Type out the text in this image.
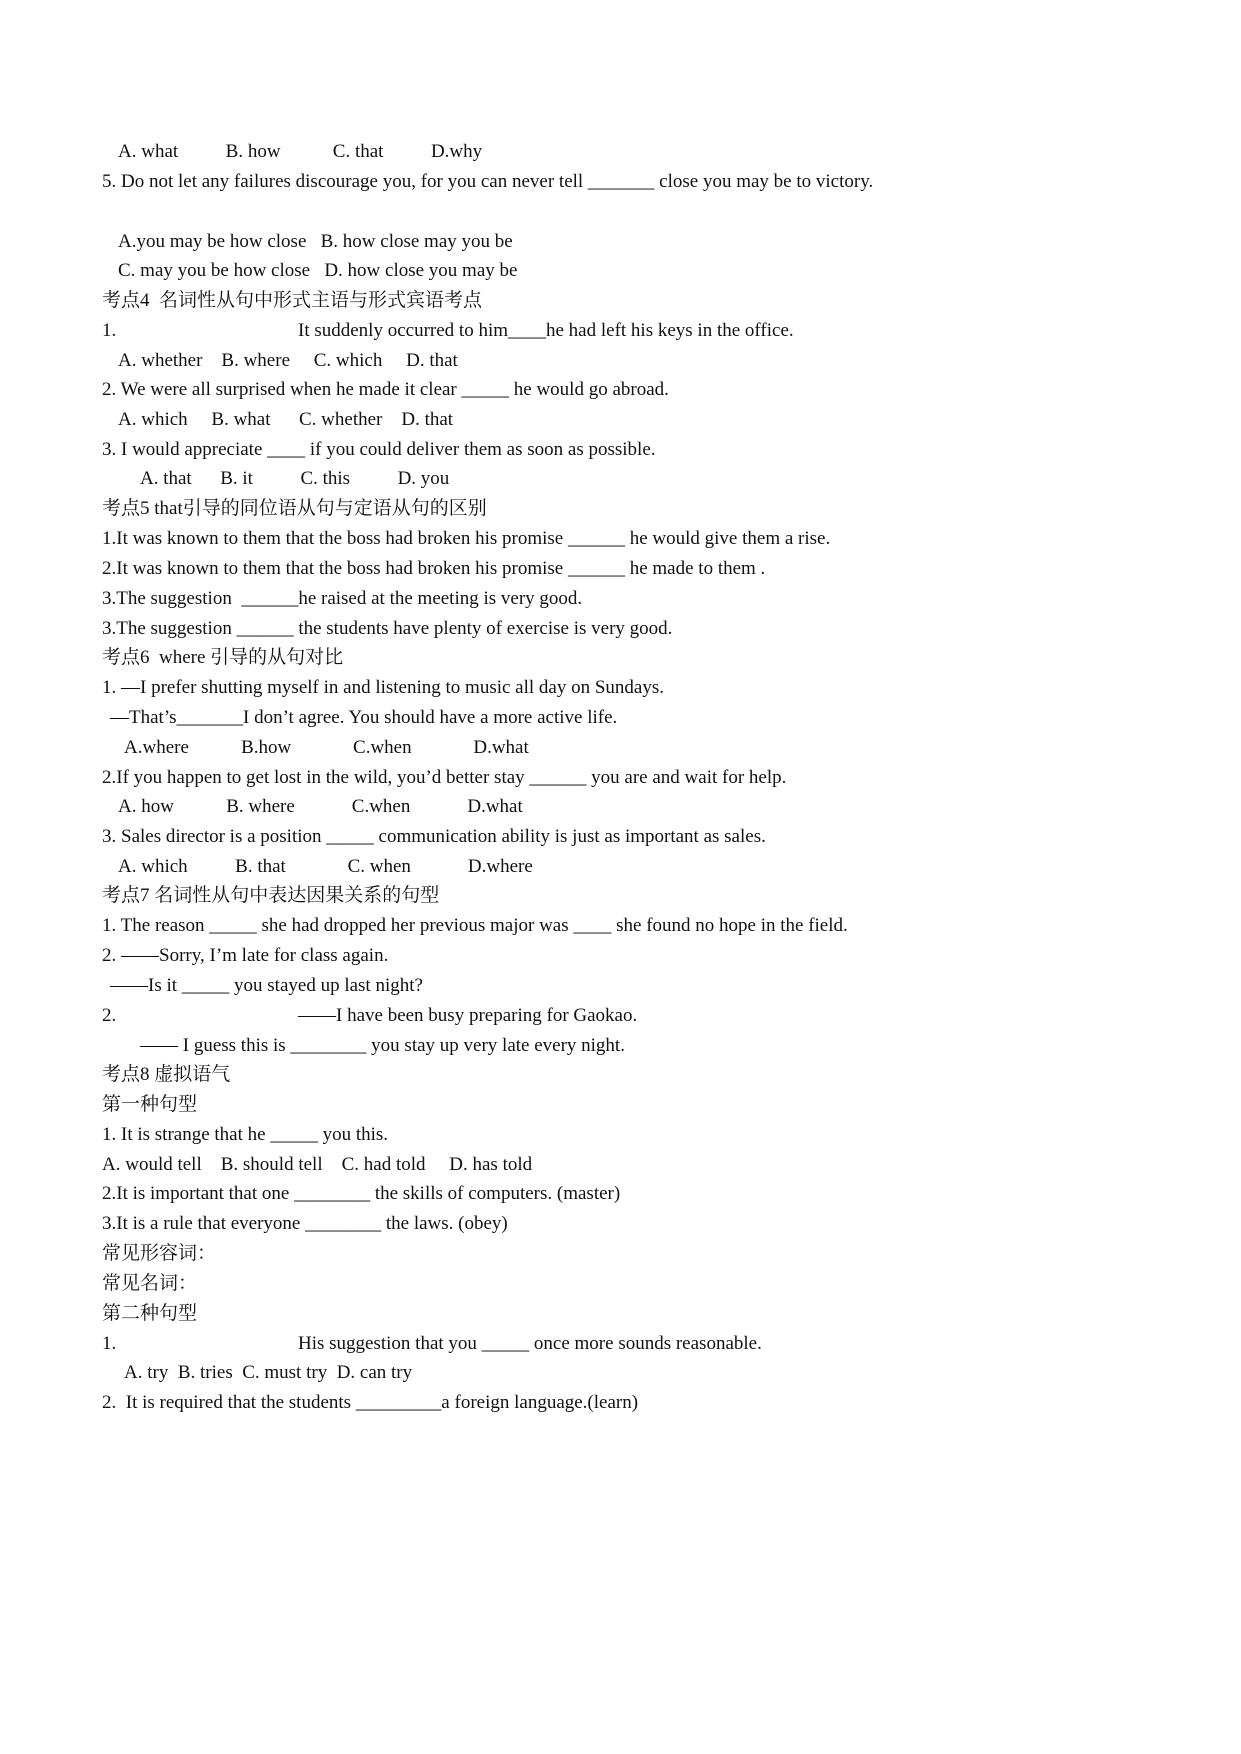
A. what          B. how           C. that          D.why
5. Do not let any failures discourage you, for you can never tell _______ close you may be to victory.
A.you may be how close   B. how close may you be
C. may you be how close   D. how close you may be
考点4  名词性从句中形式主语与形式宾语考点
1.	It suddenly occurred to him____he had left his keys in the office.
A. whether    B. where     C. which     D. that
2. We were all surprised when he made it clear _____ he would go abroad.
A. which     B. what      C. whether    D. that
3. I would appreciate ____ if you could deliver them as soon as possible.
A. that      B. it          C. this          D. you
考点5 that引导的同位语从句与定语从句的区别
1.It was known to them that the boss had broken his promise ______ he would give them a rise.
2.It was known to them that the boss had broken his promise ______ he made to them .
3.The suggestion  ______he raised at the meeting is very good.
3.The suggestion ______ the students have plenty of exercise is very good.
考点6  where 引导的从句对比
1. —I prefer shutting myself in and listening to music all day on Sundays.
—That’s_______I don’t agree. You should have a more active life.
A.where           B.how             C.when             D.what
2.If you happen to get lost in the wild, you’d better stay ______ you are and wait for help.
A. how           B. where            C.when            D.what
3. Sales director is a position _____ communication ability is just as important as sales.
A. which          B. that             C. when            D.where
考点7 名词性从句中表达因果关系的句型
1. The reason _____ she had dropped her previous major was ____ she found no hope in the field.
2. ——Sorry, I’m late for class again.
——Is it _____ you stayed up last night?
2.	——I have been busy preparing for Gaokao.
—— I guess this is ________ you stay up very late every night.
考点8 虚拟语气
第一种句型
1. It is strange that he _____ you this.
A. would tell    B. should tell    C. had told     D. has told
2.It is important that one ________ the skills of computers. (master)
3.It is a rule that everyone ________ the laws. (obey)
常见形容词：
常见名词：
第二种句型
1.	His suggestion that you _____ once more sounds reasonable.
A. try  B. tries  C. must try  D. can try
2.  It is required that the students _________a foreign language.(learn)
